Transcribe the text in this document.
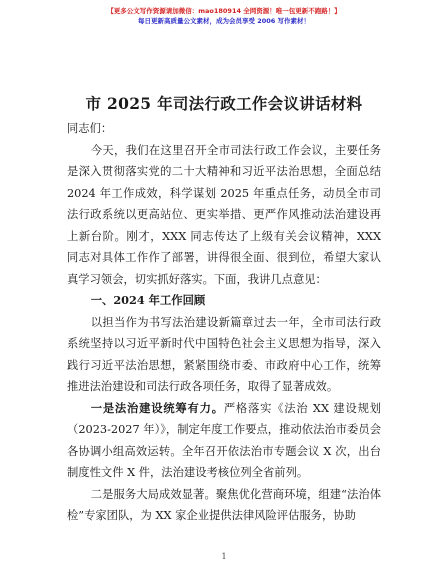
【更多公文写作资源请加微信：mao180914 全网资源！唯一包更新不跑路！】
每日更新高质量公文素材，成为会员享受 2006 写作素材！
市 2025 年司法行政工作会议讲话材料

同志们：

今天，我们在这里召开全市司法行政工作会议，主要任务是深入贯彻落实党的二十大精神和习近平法治思想，全面总结 2024 年工作成效，科学谋划 2025 年重点任务，动员全市司法行政系统以更高站位、更实举措、更严作风推动法治建设再上新台阶。刚才，XXX 同志传达了上级有关会议精神，XXX 同志对具体工作作了部署，讲得很全面、很到位，希望大家认真学习领会，切实抓好落实。下面，我讲几点意见：

一、2024 年工作回顾

以担当作为书写法治建设新篇章过去一年，全市司法行政系统坚持以习近平新时代中国特色社会主义思想为指导，深入践行习近平法治思想，紧紧围绕市委、市政府中心工作，统筹推进法治建设和司法行政各项任务，取得了显著成效。

一是法治建设统筹有力。严格落实《法治 XX 建设规划（2023-2027 年）》，制定年度工作要点，推动依法治市委员会各协调小组高效运转。全年召开依法治市专题会议 X 次，出台制度性文件 X 件，法治建设考核位列全省前列。

二是服务大局成效显著。聚焦优化营商环境，组建“法治体检”专家团队，为 XX 家企业提供法律风险评估服务，协助

1
